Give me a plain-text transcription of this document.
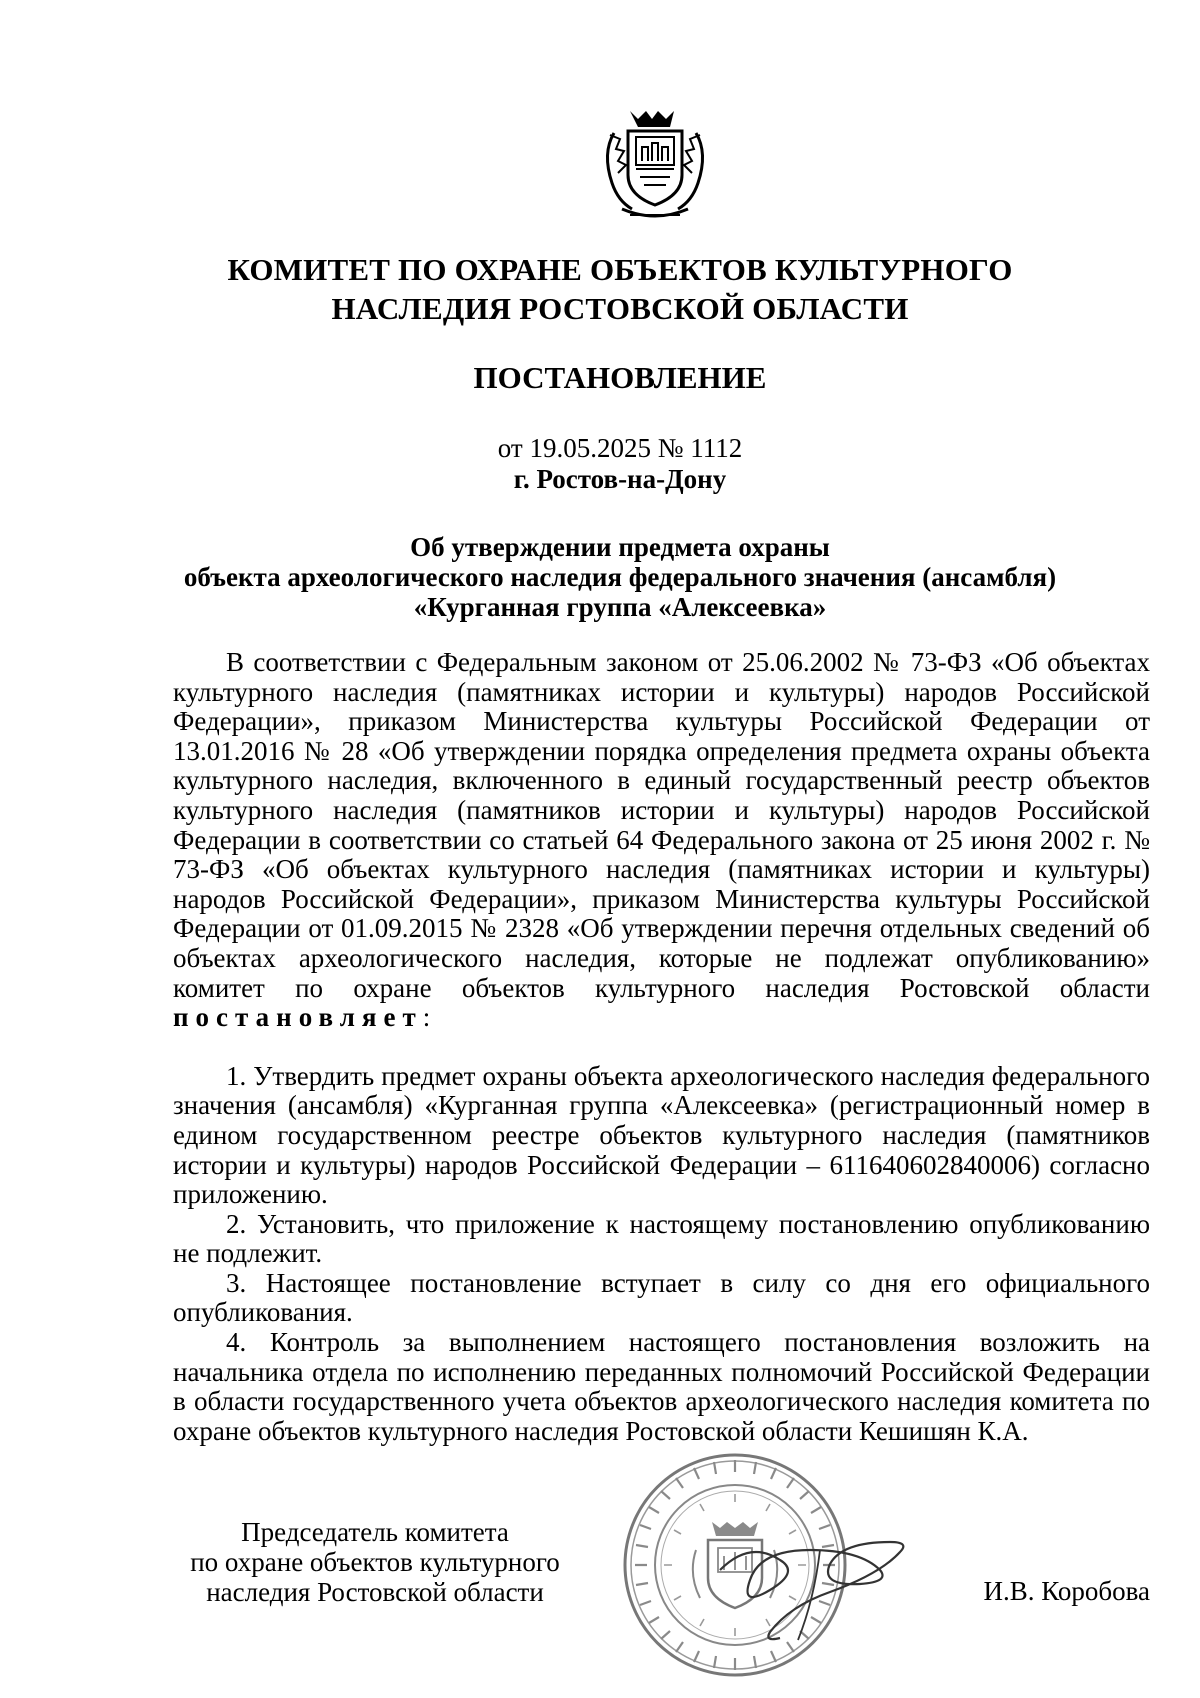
КОМИТЕТ ПО ОХРАНЕ ОБЪЕКТОВ КУЛЬТУРНОГО
НАСЛЕДИЯ РОСТОВСКОЙ ОБЛАСТИ
ПОСТАНОВЛЕНИЕ
от 19.05.2025 № 1112
г. Ростов-на-Дону
Об утверждении предмета охраны
объекта археологического наследия федерального значения (ансамбля)
«Курганная группа «Алексеевка»

В соответствии с Федеральным законом от 25.06.2002 № 73-ФЗ «Об объектах культурного наследия (памятниках истории и культуры) народов Российской Федерации», приказом Министерства культуры Российской Федерации от 13.01.2016 № 28 «Об утверждении порядка определения предмета охраны объекта культурного наследия, включенного в единый государственный реестр объектов культурного наследия (памятников истории и культуры) народов Российской Федерации в соответствии со статьей 64 Федерального закона от 25 июня 2002 г. № 73-ФЗ «Об объектах культурного наследия (памятниках истории и культуры) народов Российской Федерации», приказом Министерства культуры Российской Федерации от 01.09.2015 № 2328 «Об утверждении перечня отдельных сведений об объектах археологического наследия, которые не подлежат опубликованию» комитет по охране объектов культурного наследия Ростовской области постановляет:

1. Утвердить предмет охраны объекта археологического наследия федерального значения (ансамбля) «Курганная группа «Алексеевка» (регистрационный номер в едином государственном реестре объектов культурного наследия (памятников истории и культуры) народов Российской Федерации – 611640602840006) согласно приложению.

2. Установить, что приложение к настоящему постановлению опубликованию не подлежит.

3. Настоящее постановление вступает в силу со дня его официального опубликования.

4. Контроль за выполнением настоящего постановления возложить на начальника отдела по исполнению переданных полномочий Российской Федерации в области государственного учета объектов археологического наследия комитета по охране объектов культурного наследия Ростовской области Кешишян К.А.

Председатель комитета
по охране объектов культурного
наследия Ростовской области	И.В. Коробова
